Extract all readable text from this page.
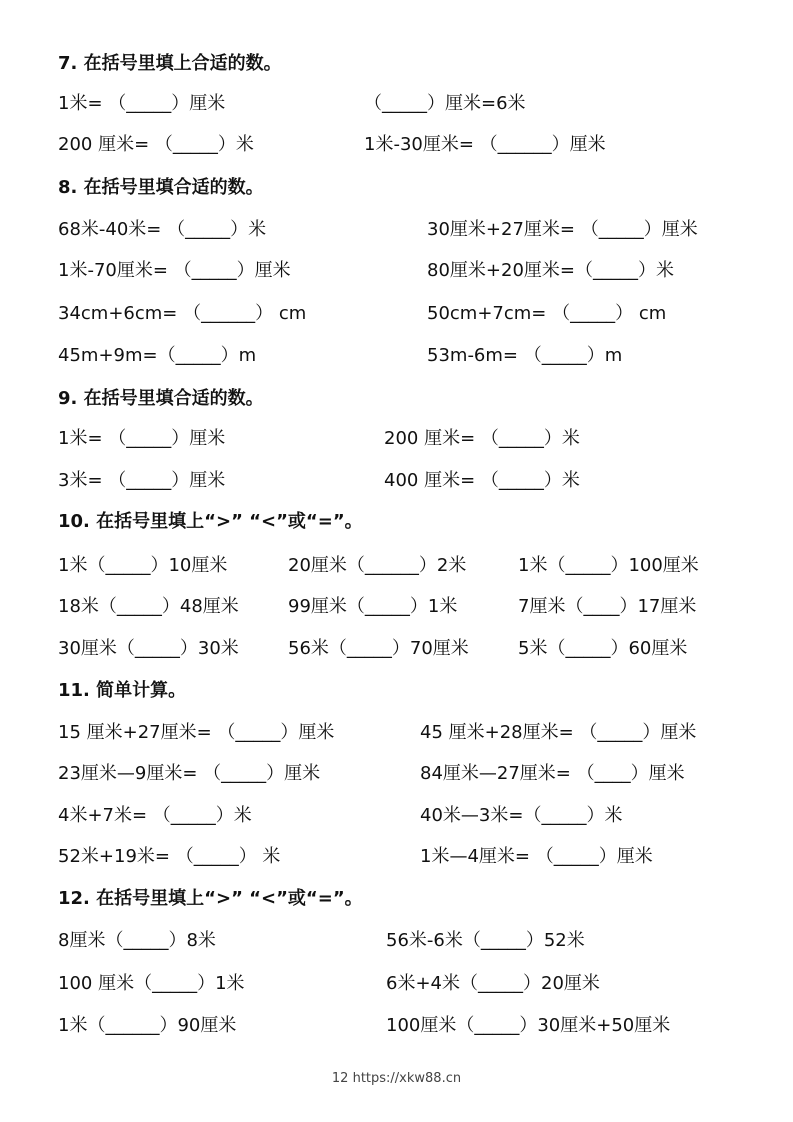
7. 在括号里填上合适的数。
1米= （_____）厘米	（_____）厘米=6米
200 厘米= （_____）米	1米-30厘米= （______）厘米
8. 在括号里填合适的数。
68米-40米= （_____）米	30厘米+27厘米= （_____）厘米
1米-70厘米= （_____）厘米	80厘米+20厘米=（_____）米
34cm+6cm= （______） cm	50cm+7cm= （_____） cm
45m+9m=（_____）m	53m-6m= （_____）m
9. 在括号里填合适的数。
1米= （_____）厘米	200 厘米= （_____）米
3米= （_____）厘米	400 厘米= （_____）米
10. 在括号里填上“>” “<”或“=”。
1米（_____）10厘米	20厘米（______）2米	1米（_____）100厘米
18米（_____）48厘米	99厘米（_____）1米	7厘米（____）17厘米
30厘米（_____）30米	56米（_____）70厘米	5米（_____）60厘米
11. 简单计算。
15 厘米+27厘米= （_____）厘米	45 厘米+28厘米= （_____）厘米
23厘米—9厘米= （_____）厘米	84厘米—27厘米= （____）厘米
4米+7米= （_____）米	40米—3米=（_____）米
52米+19米= （_____） 米	1米—4厘米= （_____）厘米
12. 在括号里填上“>” “<”或“=”。
8厘米（_____）8米	56米-6米（_____）52米
100 厘米（_____）1米	6米+4米（_____）20厘米
1米（______）90厘米	100厘米（_____）30厘米+50厘米
12 https://xkw88.cn
